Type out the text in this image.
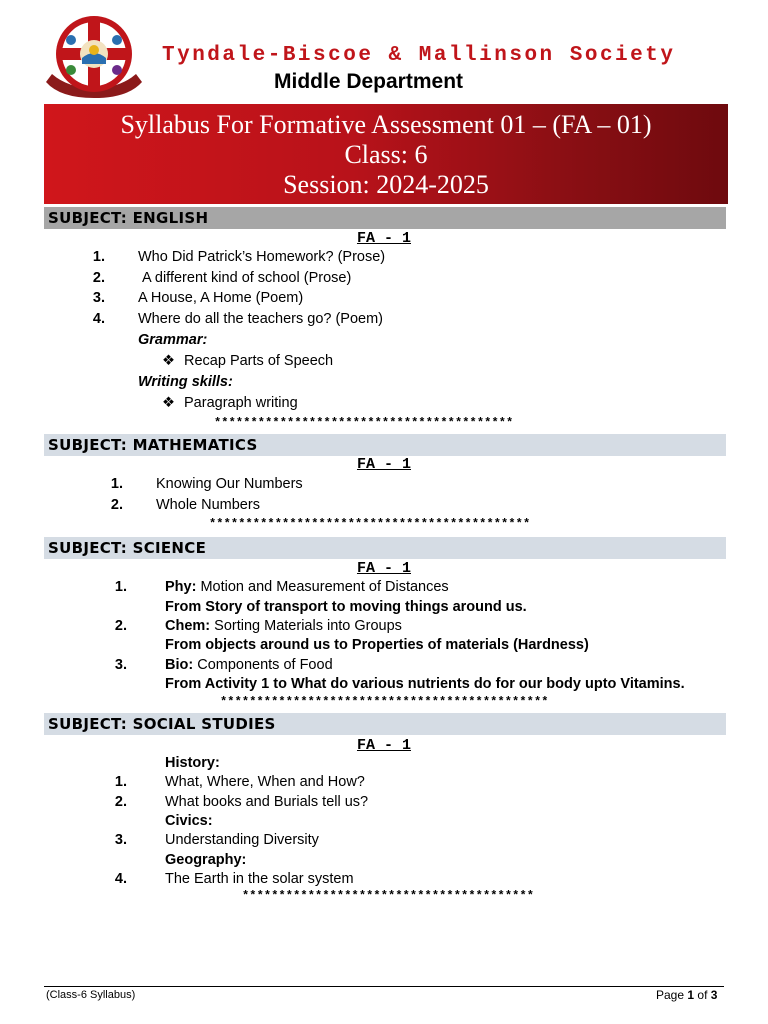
Tyndale-Biscoe & Mallinson Society
Middle Department
Syllabus For Formative Assessment 01 – (FA – 01)
Class: 6
Session: 2024-2025
SUBJECT: ENGLISH
FA - 1
1. Who Did Patrick’s Homework? (Prose)
2.	A different kind of school (Prose)
3. A House, A Home (Poem)
4. Where do all the teachers go? (Poem)
Grammar:
❖ Recap Parts of Speech
Writing skills:
❖ Paragraph writing
*****************************************
SUBJECT: MATHEMATICS
FA - 1
1. Knowing Our Numbers
2. Whole Numbers
********************************************
SUBJECT: SCIENCE
FA - 1
1.	Phy: Motion and Measurement of Distances
From Story of transport to moving things around us.
2.	Chem: Sorting Materials into Groups
From objects around us to Properties of materials (Hardness)
3.	Bio: Components of Food
From Activity 1 to What do various nutrients do for our body upto Vitamins.
*********************************************
SUBJECT: SOCIAL STUDIES
FA - 1
History:
1.	What, Where, When and How?
2.	What books and Burials tell us?
Civics:
3.	Understanding Diversity
Geography:
4.	The Earth in the solar system
****************************************
(Class-6 Syllabus)	Page 1 of 3
